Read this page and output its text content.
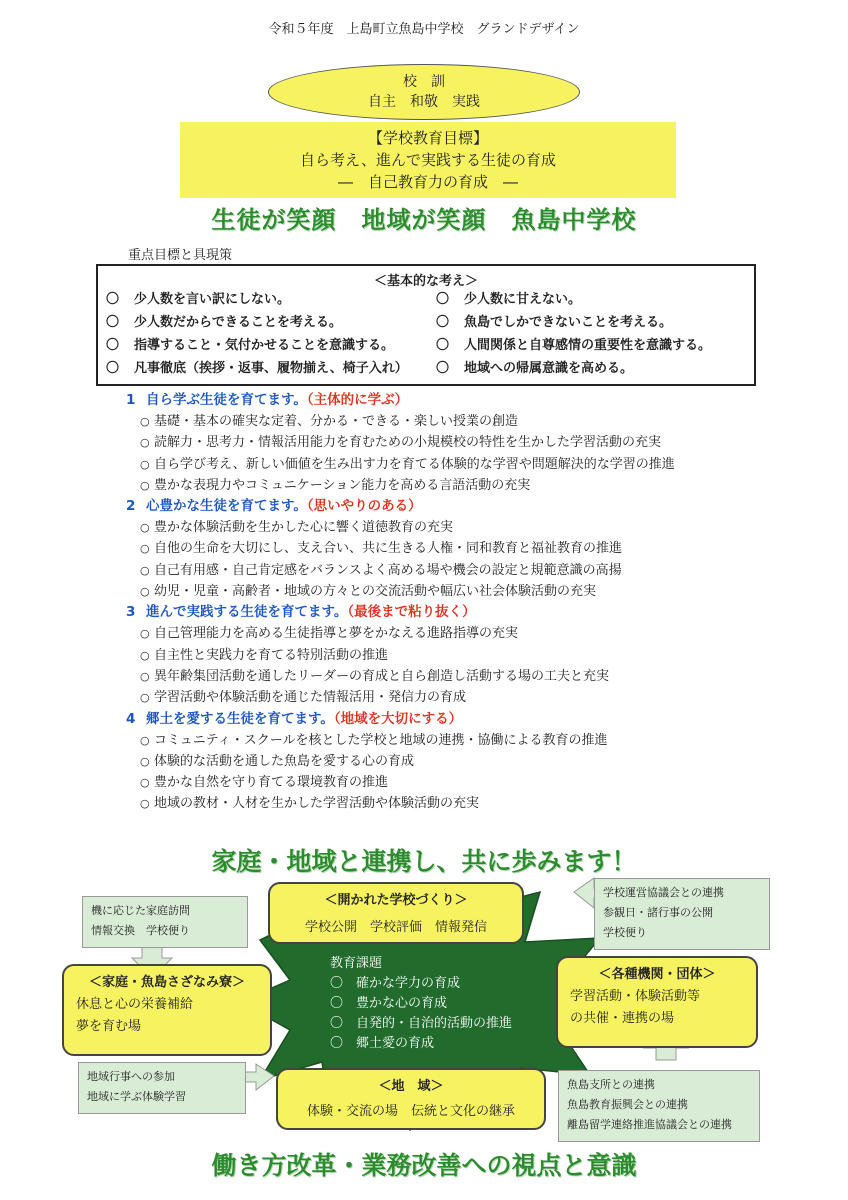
令和５年度　上島町立魚島中学校　グランドデザイン
校　訓
自主　和敬　実践
【学校教育目標】
自ら考え、進んで実践する生徒の育成
―　自己教育力の育成　―
生徒が笑顔　地域が笑顔　魚島中学校
重点目標と具現策
＜基本的な考え＞
〇 少人数を言い訳にしない。	〇 少人数に甘えない。
〇 少人数だからできることを考える。	〇 魚島でしかできないことを考える。
〇 指導すること・気付かせることを意識する。	〇 人間関係と自尊感情の重要性を意識する。
〇 凡事徹底（挨拶・返事、履物揃え、椅子入れ）	〇 地域への帰属意識を高める。
1 自ら学ぶ生徒を育てます。（主体的に学ぶ）
○ 基礎・基本の確実な定着、分かる・できる・楽しい授業の創造
○ 読解力・思考力・情報活用能力を育むための小規模校の特性を生かした学習活動の充実
○ 自ら学び考え、新しい価値を生み出す力を育てる体験的な学習や問題解決的な学習の推進
○ 豊かな表現力やコミュニケーション能力を高める言語活動の充実
2 心豊かな生徒を育てます。（思いやりのある）
○ 豊かな体験活動を生かした心に響く道徳教育の充実
○ 自他の生命を大切にし、支え合い、共に生きる人権・同和教育と福祉教育の推進
○ 自己有用感・自己肯定感をバランスよく高める場や機会の設定と規範意識の高揚
○ 幼児・児童・高齢者・地域の方々との交流活動や幅広い社会体験活動の充実
3 進んで実践する生徒を育てます。（最後まで粘り抜く）
○ 自己管理能力を高める生徒指導と夢をかなえる進路指導の充実
○ 自主性と実践力を育てる特別活動の推進
○ 異年齢集団活動を通したリーダーの育成と自ら創造し活動する場の工夫と充実
○ 学習活動や体験活動を通じた情報活用・発信力の育成
4 郷土を愛する生徒を育てます。（地域を大切にする）
○ コミュニティ・スクールを核とした学校と地域の連携・協働による教育の推進
○ 体験的な活動を通した魚島を愛する心の育成
○ 豊かな自然を守り育てる環境教育の推進
○ 地域の教材・人材を生かした学習活動や体験活動の充実
家庭・地域と連携し、共に歩みます！
機に応じた家庭訪問
情報交換　学校便り
＜開かれた学校づくり＞
学校公開　学校評価　情報発信
学校運営協議会との連携
参観日・諸行事の公開
学校便り
＜家庭・魚島さざなみ寮＞
休息と心の栄養補給
夢を育む場
教育課題
〇 確かな学力の育成
〇 豊かな心の育成
〇 自発的・自治的活動の推進
〇 郷土愛の育成
＜各種機関・団体＞
学習活動・体験活動等
の共催・連携の場
地域行事への参加
地域に学ぶ体験学習
＜地　域＞
体験・交流の場　伝統と文化の継承
魚島支所との連携
魚島教育振興会との連携
離島留学連絡推進協議会との連携
働き方改革・業務改善への視点と意識
